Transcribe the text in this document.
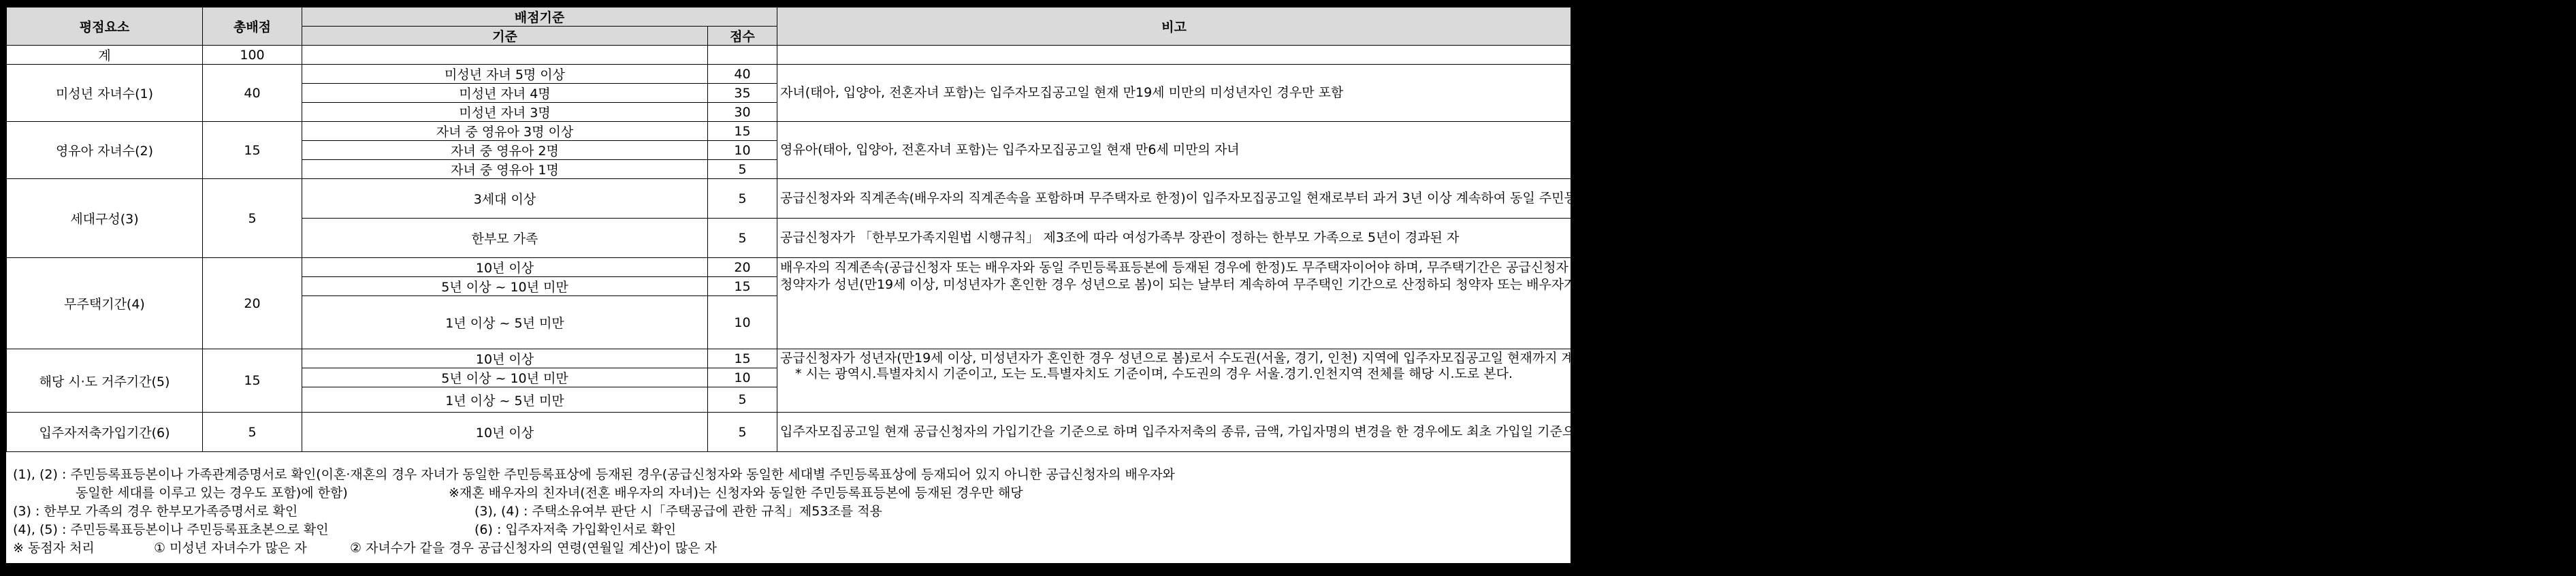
평점요소	총배점	배점기준		비고
		기준	점수	
계	100			
미성년 자녀수(1)	40	미성년 자녀 5명 이상	40	자녀(태아, 입양아, 전혼자녀 포함)는 입주자모집공고일 현재 만19세 미만의 미성년자인 경우만 포함
		미성년 자녀 4명	35	
		미성년 자녀 3명	30	
영유아 자녀수(2)	15	자녀 중 영유아 3명 이상	15	영유아(태아, 입양아, 전혼자녀 포함)는 입주자모집공고일 현재 만6세 미만의 자녀
		자녀 중 영유아 2명	10	
		자녀 중 영유아 1명	5	
세대구성(3)	5	3세대 이상	5	공급신청자와 직계존속(배우자의 직계존속을 포함하며 무주택자로 한정)이 입주자모집공고일 현재로부터 과거 3년 이상 계속하여 동일 주민등록표 등본에 등재
		한부모 가족	5	공급신청자가 「한부모가족지원법 시행규칙」 제3조에 따라 여성가족부 장관이 정하는 한부모 가족으로 5년이 경과된 자
무주택기간(4)	20	10년 이상	20	배우자의 직계존속(공급신청자 또는 배우자와 동일 주민등록표등본에 등재된 경우에 한정)도 무주택자이어야 하며, 무주택기간은 공급신청자 및 배우자의 무주택기간을 산정
청약자가 성년(만19세 이상, 미성년자가 혼인한 경우 성년으로 봄)이 되는 날부터 계속하여 무주택인 기간으로 산정하되 청약자 또는 배우자가 주택을 소유한 사실이 있는 경우에는 그 주택을 처분한 후 무주택자가 된 날(2회 이상 주택을 소유한 사실이 있는 경우에는 최근에 무주택자가 된 날을 말함)부터 무주택 기간 산정

		5년 이상 ~ 10년 미만	15	
		1년 이상 ~ 5년 미만	10	
해당 시·도 거주기간(5)	15	10년 이상	15	공급신청자가 성년자(만19세 이상, 미성년자가 혼인한 경우 성년으로 봄)로서 수도권(서울, 경기, 인천) 지역에 입주자모집공고일 현재까지 계속하여 거주한 기간을 산정
* 시는 광역시.특별자치시 기준이고, 도는 도.특별자치도 기준이며, 수도권의 경우 서울.경기.인천지역 전체를 해당 시.도로 본다.

		5년 이상 ~ 10년 미만	10	
		1년 이상 ~ 5년 미만	5	
입주자저축가입기간(6)	5	10년 이상	5	입주자모집공고일 현재 공급신청자의 가입기간을 기준으로 하며 입주자저축의 종류, 금액, 가입자명의 변경을 한 경우에도 최초 가입일 기준으로 산정
(1), (2) : 주민등록표등본이나 가족관계증명서로 확인(이혼·재혼의 경우 자녀가 동일한 주민등록표상에 등재된 경우(공급신청자와 동일한 세대별 주민등록표상에 등재되어 있지 아니한 공급신청자의 배우자와
동일한 세대를 이루고 있는 경우도 포함)에 한함)	※재혼 배우자의 친자녀(전혼 배우자의 자녀)는 신청자와 동일한 주민등록표등본에 등재된 경우만 해당
(3) : 한부모 가족의 경우 한부모가족증명서로 확인	(3), (4) : 주택소유여부 판단 시「주택공급에 관한 규칙」제53조를 적용
(4), (5) : 주민등록표등본이나 주민등록표초본으로 확인	(6) : 입주자저축 가입확인서로 확인
※ 동점자 처리	① 미성년 자녀수가 많은 자	② 자녀수가 같을 경우 공급신청자의 연령(연월일 계산)이 많은 자
